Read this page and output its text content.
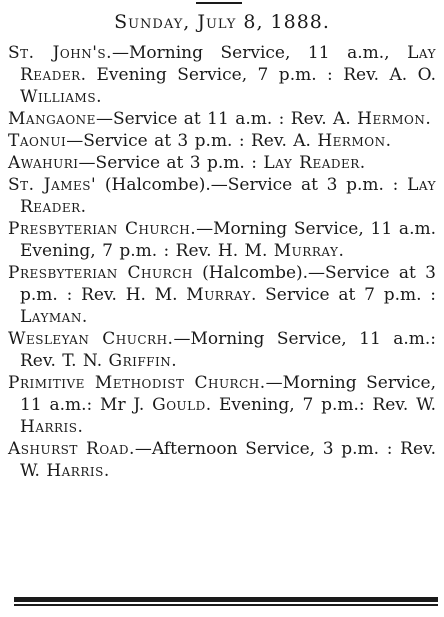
Sunday, July 8, 1888.

St. John's.—Morning Service, 11 a.m., Lay Reader. Evening Service, 7 p.m. : Rev. A. O. Williams.

Mangaone—Service at 11 a.m. : Rev. A. Hermon.

Taonui—Service at 3 p.m. : Rev. A. Hermon.

Awahuri—Service at 3 p.m. : Lay Reader.

St. James' (Halcombe).—Service at 3 p.m. : Lay Reader.

Presbyterian Church.—Morning Service, 11 a.m. Evening, 7 p.m. : Rev. H. M. Murray.

Presbyterian Church (Halcombe).—Service at 3 p.m. : Rev. H. M. Murray. Service at 7 p.m. : Layman.

Wesleyan Chucrh.—Morning Service, 11 a.m.: Rev. T. N. Griffin.

Primitive Methodist Church.—Morning Service, 11 a.m.: Mr J. Gould. Evening, 7 p.m.: Rev. W. Harris.

Ashurst Road.—Afternoon Service, 3 p.m. : Rev. W. Harris.
